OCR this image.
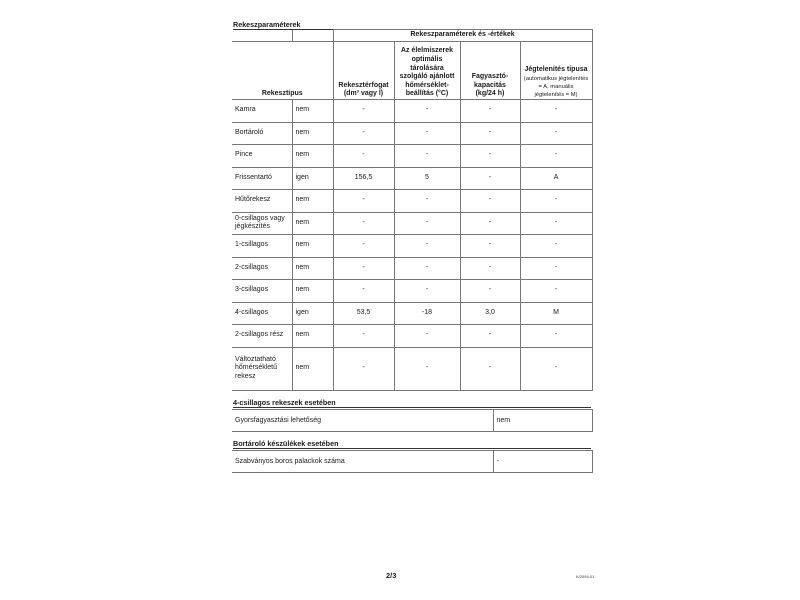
Rekeszparaméterek
		Rekeszparaméterek és -értékek			
Rekesztípus		Rekesztérfogat (dm³ vagy l)	Az élelmiszerek optimális tárolására szolgáló ajánlott hőmérséklet-beállítás (°C)	Fagyasztó-kapacitás (kg/24 h)	Jégtelenítés típusa
(automatikus jégtelenítés = A, manuális jégtelenítés = M)

Kamra	nem	-	-	-	-
Bortároló	nem	-	-	-	-
Pince	nem	-	-	-	-
Frissentartó	igen	156,5	5	-	A
Hűtőrekesz	nem	-	-	-	-
0-csillagos vagy jégkészítés	nem	-	-	-	-
1-csillagos	nem	-	-	-	-
2-csillagos	nem	-	-	-	-
3-csillagos	nem	-	-	-	-
4-csillagos	igen	53,5	-18	3,0	M
2-csillagos rész	nem	-	-	-	-
Változtatható hőmérsékletű rekesz	nem	-	-	-	-
4-csillagos rekeszek esetében
Gyorsfagyasztási lehetőség	nem
Bortároló készülékek esetében
Szabványos boros palackok száma	-
2/3	K/2094-01
